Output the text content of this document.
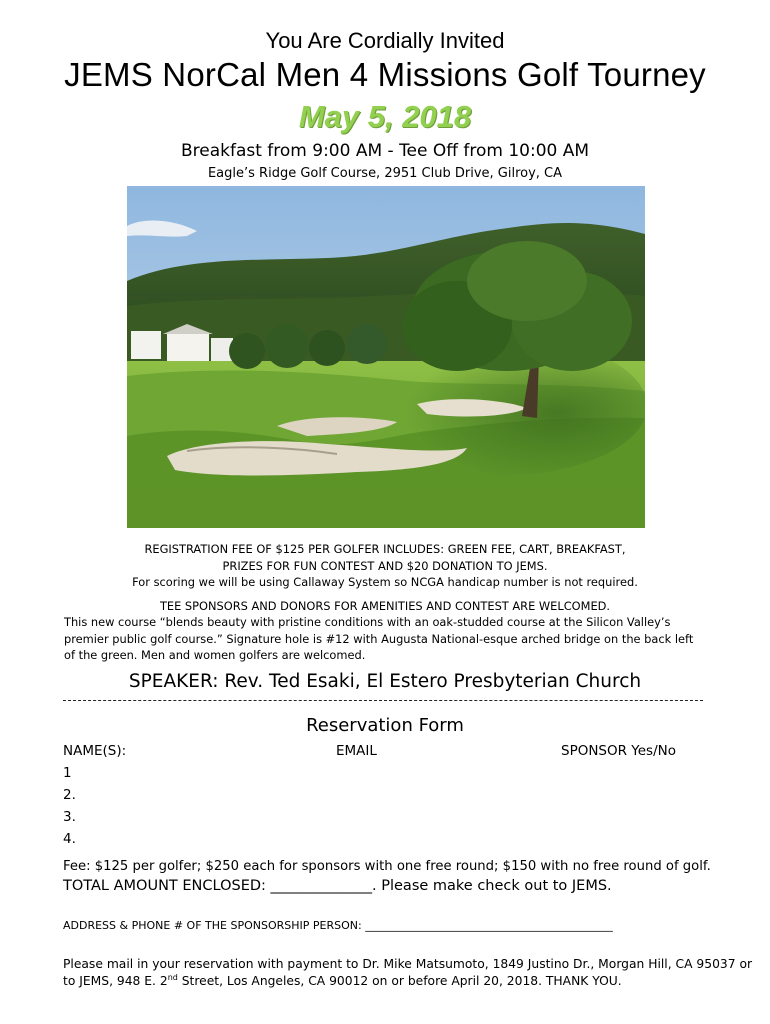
You Are Cordially Invited
JEMS NorCal Men 4 Missions Golf Tourney
May 5, 2018
Breakfast from 9:00 AM - Tee Off from 10:00 AM
Eagle’s Ridge Golf Course, 2951 Club Drive, Gilroy, CA
REGISTRATION FEE OF $125 PER GOLFER INCLUDES: GREEN FEE, CART, BREAKFAST,
PRIZES FOR FUN CONTEST AND $20 DONATION TO JEMS.
For scoring we will be using Callaway System so NCGA handicap number is not required.
TEE SPONSORS AND DONORS FOR AMENITIES AND CONTEST ARE WELCOMED.
This new course “blends beauty with pristine conditions with an oak-studded course at the Silicon Valley’s
premier public golf course.” Signature hole is #12 with Augusta National-esque arched bridge on the back left
of the green. Men and women golfers are welcomed.
SPEAKER: Rev. Ted Esaki, El Estero Presbyterian Church
Reservation Form
NAME(S):	EMAIL	SPONSOR Yes/No
1
2.
3.
4.
Fee: $125 per golfer; $250 each for sponsors with one free round; $150 with no free round of golf.
TOTAL AMOUNT ENCLOSED: ______________. Please make check out to JEMS.
ADDRESS & PHONE # OF THE SPONSORSHIP PERSON: _____________________________________________
Please mail in your reservation with payment to Dr. Mike Matsumoto, 1849 Justino Dr., Morgan Hill, CA 95037 or
to JEMS, 948 E. 2nd Street, Los Angeles, CA 90012 on or before April 20, 2018. THANK YOU.
